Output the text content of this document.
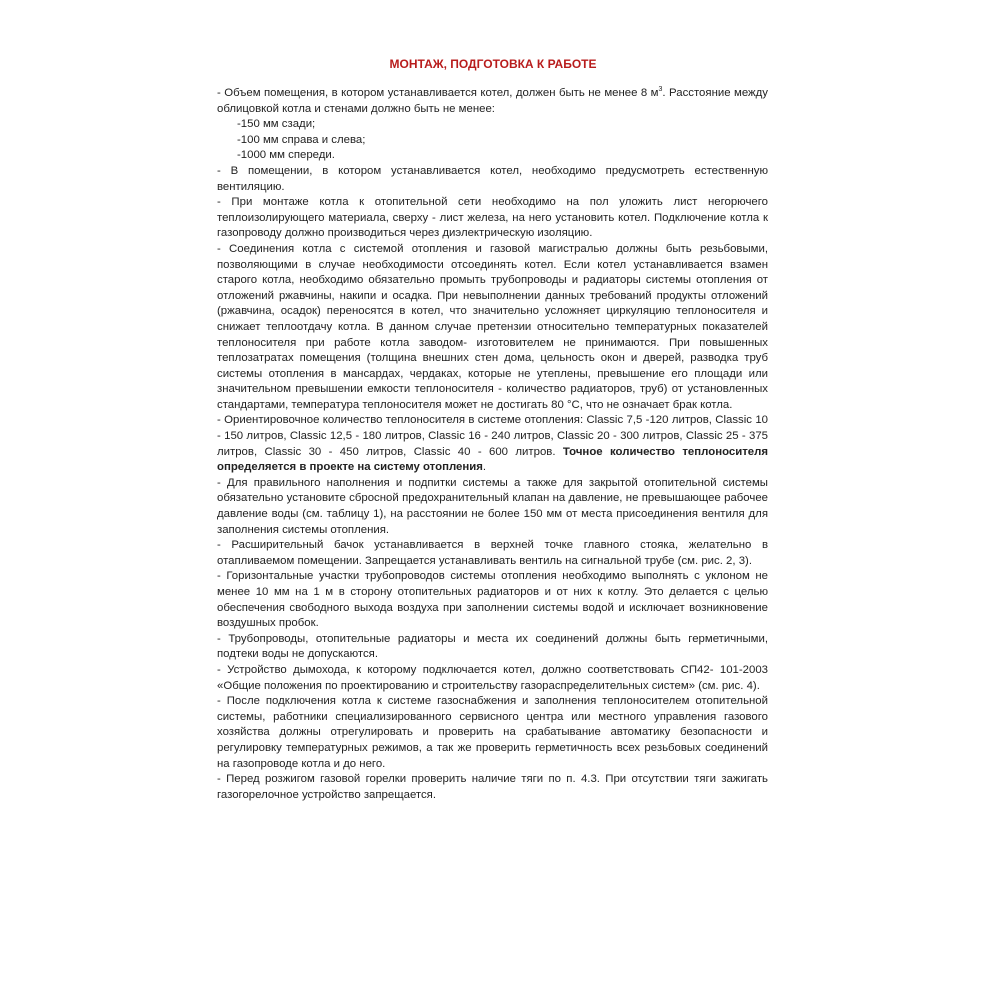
МОНТАЖ, ПОДГОТОВКА К РАБОТЕ

- Объем помещения, в котором устанавливается котел, должен быть не менее 8 $м^3$. Расстояние между облицовкой котла и стенами должно быть не менее:

-150 мм сзади;

-100 мм справа и слева;

-1000 мм спереди.

- В помещении, в котором устанавливается котел, необходимо предусмотреть естественную вентиляцию.

- При монтаже котла к отопительной сети необходимо на пол уложить лист негорючего теплоизолирующего материала, сверху - лист железа, на него установить котел. Подключение котла к газопроводу должно производиться через диэлектрическую изоляцию.

- Соединения котла с системой отопления и газовой магистралью должны быть резьбовыми, позволяющими в случае необходимости отсоединять котел. Если котел устанавливается взамен старого котла, необходимо обязательно промыть трубопроводы и радиаторы системы отопления от отложений ржавчины, накипи и осадка. При невыполнении данных требований продукты отложений (ржавчина, осадок) переносятся в котел, что значительно усложняет циркуляцию теплоносителя и снижает теплоотдачу котла. В данном случае претензии относительно температурных показателей теплоносителя при работе котла заводом- изготовителем не принимаются. При повышенных теплозатратах помещения (толщина внешних стен дома, цельность окон и дверей, разводка труб системы отопления в мансардах, чердаках, которые не утеплены, превышение его площади или значительном превышении емкости теплоносителя - количество радиаторов, труб) от установленных стандартами, температура теплоносителя может не достигать 80 °С, что не означает брак котла.

- Ориентировочное количество теплоносителя в системе отопления: Classic 7,5 -120 литров, Classic 10 - 150 литров, Classic 12,5 - 180 литров, Classic 16 - 240 литров, Classic 20 - 300 литров, Classic 25 - 375 литров, Classic 30 - 450 литров, Classic 40 - 600 литров. Точное количество теплоносителя определяется в проекте на систему отопления.

- Для правильного наполнения и подпитки системы а также для закрытой отопительной системы обязательно установите сбросной предохранительный клапан на давление, не превышающее рабочее давление воды (см. таблицу 1), на расстоянии не более 150 мм от места присоединения вентиля для заполнения системы отопления.

- Расширительный бачок устанавливается в верхней точке главного стояка, желательно в отапливаемом помещении. Запрещается устанавливать вентиль на сигнальной трубе (см. рис. 2, 3).

- Горизонтальные участки трубопроводов системы отопления необходимо выполнять с уклоном не менее 10 мм на 1 м в сторону отопительных радиаторов и от них к котлу. Это делается с целью обеспечения свободного выхода воздуха при заполнении системы водой и исключает возникновение воздушных пробок.

- Трубопроводы, отопительные радиаторы и места их соединений должны быть герметичными, подтеки воды не допускаются.

- Устройство дымохода, к которому подключается котел, должно соответствовать СП42- 101-2003 «Общие положения по проектированию и строительству газораспределительных систем» (см. рис. 4).

- После подключения котла к системе газоснабжения и заполнения теплоносителем отопительной системы, работники специализированного сервисного центра или местного управления газового хозяйства должны отрегулировать и проверить на срабатывание автоматику безопасности и регулировку температурных режимов, а так же проверить герметичность всех резьбовых соединений на газопроводе котла и до него.

- Перед розжигом газовой горелки проверить наличие тяги по п. 4.3. При отсутствии тяги зажигать газогорелочное устройство запрещается.
